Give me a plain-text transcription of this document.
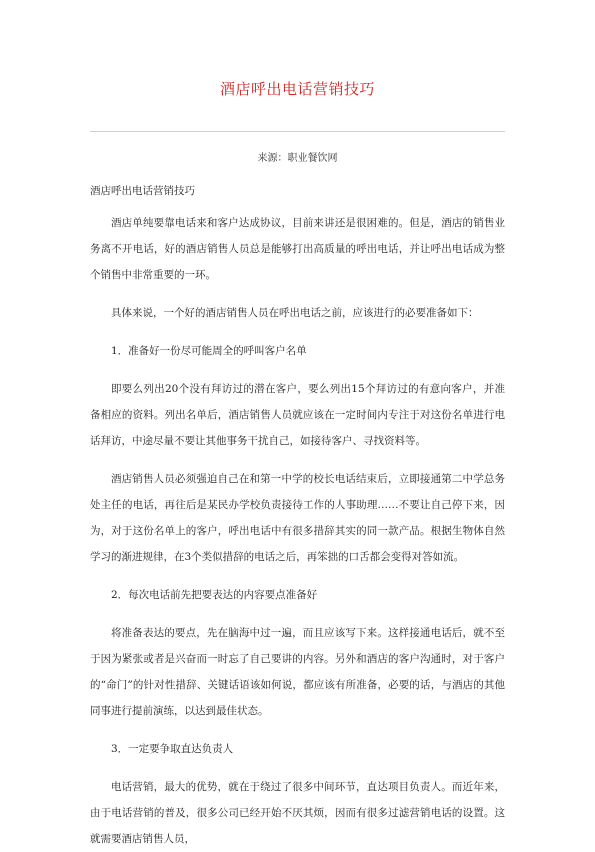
酒店呼出电话营销技巧
来源：职业餐饮网

酒店呼出电话营销技巧

酒店单纯要靠电话来和客户达成协议，目前来讲还是很困难的。但是，酒店的销售业务离不开电话，好的酒店销售人员总是能够打出高质量的呼出电话，并让呼出电话成为整个销售中非常重要的一环。

具体来说，一个好的酒店销售人员在呼出电话之前，应该进行的必要准备如下：

1．准备好一份尽可能周全的呼叫客户名单

即要么列出20个没有拜访过的潜在客户，要么列出15个拜访过的有意向客户，并准备相应的资料。列出名单后，酒店销售人员就应该在一定时间内专注于对这份名单进行电话拜访，中途尽量不要让其他事务干扰自己，如接待客户、寻找资料等。

酒店销售人员必须强迫自己在和第一中学的校长电话结束后，立即接通第二中学总务处主任的电话，再往后是某民办学校负责接待工作的人事助理……不要让自己停下来，因为，对于这份名单上的客户，呼出电话中有很多措辞其实的同一款产品。根据生物体自然学习的渐进规律，在3个类似措辞的电话之后，再笨拙的口舌都会变得对答如流。

2．每次电话前先把要表达的内容要点准备好

将准备表达的要点，先在脑海中过一遍，而且应该写下来。这样接通电话后，就不至于因为紧张或者是兴奋而一时忘了自己要讲的内容。另外和酒店的客户沟通时，对于客户的“命门”的针对性措辞、关键话语该如何说，都应该有所准备，必要的话，与酒店的其他同事进行提前演练，以达到最佳状态。

3．一定要争取直达负责人

电话营销，最大的优势，就在于绕过了很多中间环节，直达项目负责人。而近年来，由于电话营销的普及，很多公司已经开始不厌其烦，因而有很多过滤营销电话的设置。这就需要酒店销售人员，
